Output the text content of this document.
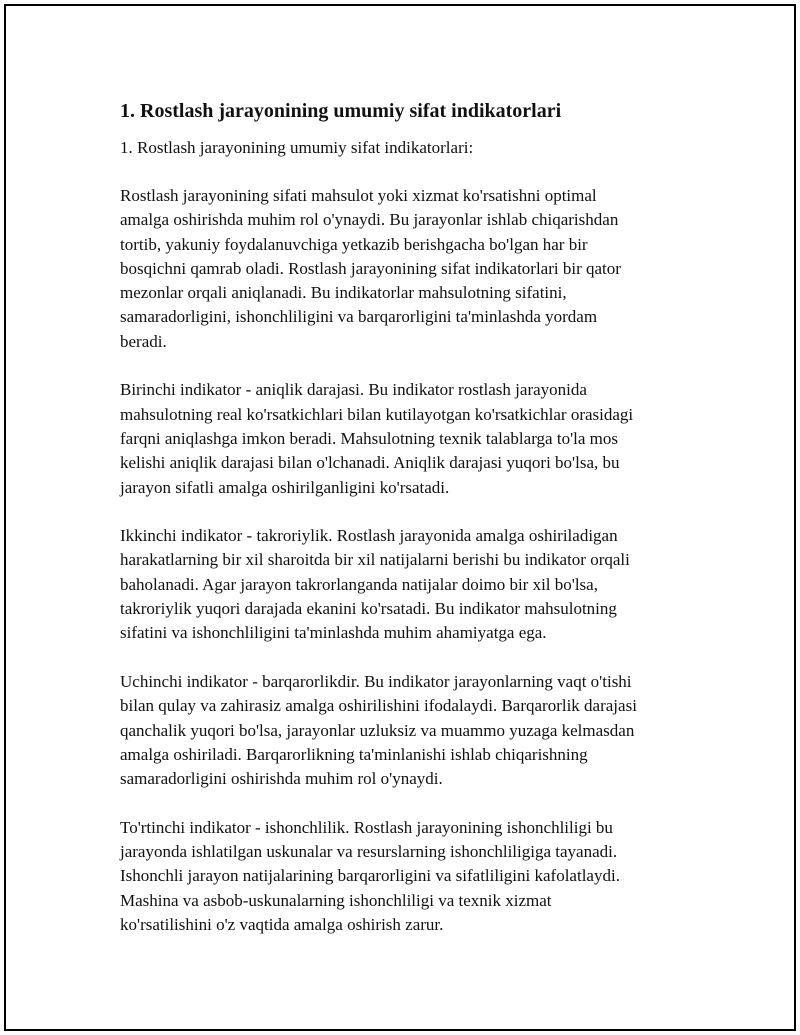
1. Rostlash jarayonining umumiy sifat indikatorlari

1. Rostlash jarayonining umumiy sifat indikatorlari:

Rostlash jarayonining sifati mahsulot yoki xizmat ko'rsatishni optimal
amalga oshirishda muhim rol o'ynaydi. Bu jarayonlar ishlab chiqarishdan
tortib, yakuniy foydalanuvchiga yetkazib berishgacha bo'lgan har bir
bosqichni qamrab oladi. Rostlash jarayonining sifat indikatorlari bir qator
mezonlar orqali aniqlanadi. Bu indikatorlar mahsulotning sifatini,
samaradorligini, ishonchliligini va barqarorligini ta'minlashda yordam
beradi.

Birinchi indikator - aniqlik darajasi. Bu indikator rostlash jarayonida
mahsulotning real ko'rsatkichlari bilan kutilayotgan ko'rsatkichlar orasidagi
farqni aniqlashga imkon beradi. Mahsulotning texnik talablarga to'la mos
kelishi aniqlik darajasi bilan o'lchanadi. Aniqlik darajasi yuqori bo'lsa, bu
jarayon sifatli amalga oshirilganligini ko'rsatadi.

Ikkinchi indikator - takroriylik. Rostlash jarayonida amalga oshiriladigan
harakatlarning bir xil sharoitda bir xil natijalarni berishi bu indikator orqali
baholanadi. Agar jarayon takrorlanganda natijalar doimo bir xil bo'lsa,
takroriylik yuqori darajada ekanini ko'rsatadi. Bu indikator mahsulotning
sifatini va ishonchliligini ta'minlashda muhim ahamiyatga ega.

Uchinchi indikator - barqarorlikdir. Bu indikator jarayonlarning vaqt o'tishi
bilan qulay va zahirasiz amalga oshirilishini ifodalaydi. Barqarorlik darajasi
qanchalik yuqori bo'lsa, jarayonlar uzluksiz va muammo yuzaga kelmasdan
amalga oshiriladi. Barqarorlikning ta'minlanishi ishlab chiqarishning
samaradorligini oshirishda muhim rol o'ynaydi.

To'rtinchi indikator - ishonchlilik. Rostlash jarayonining ishonchliligi bu
jarayonda ishlatilgan uskunalar va resurslarning ishonchliligiga tayanadi.
Ishonchli jarayon natijalarining barqarorligini va sifatliligini kafolatlaydi.
Mashina va asbob-uskunalarning ishonchliligi va texnik xizmat
ko'rsatilishini o'z vaqtida amalga oshirish zarur.
